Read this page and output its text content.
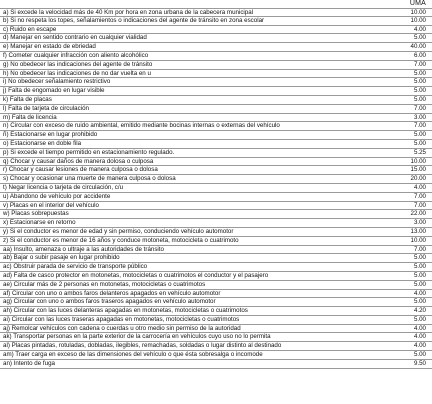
UMA
a) Si excede la velocidad más de 40 Km por hora en zona urbana de la cabecera municipal	10.00
b) Si no respeta los topes, señalamientos o indicaciones del agente de tránsito en zona escolar	10.00
c) Ruido en escape	4.00
d) Manejar en sentido contrario en cualquier vialidad	5.00
e) Manejar en estado de ebriedad	40.00
f) Cometer cualquier infracción con aliento alcohólico	6.00
g) No obedecer las indicaciones del agente de tránsito	7.00
h) No obedecer las indicaciones de no dar vuelta en u	5.00
i) No obedecer señalamiento restrictivo	5.00
j) Falta de engomado en lugar visible	5.00
k) Falta de placas	5.00
l) Falta de tarjeta de circulación	7.00
m) Falta de licencia	3.00
n) Circular con exceso de ruido ambiental, emitido mediante bocinas internas o externas del vehículo	7.00
ñ) Estacionarse en lugar prohibido	5.00
o) Estacionarse en doble fila	5.00
p) Si excede el tiempo permitido en estacionamiento regulado.	5.25
q) Chocar y causar daños de manera dolosa o culposa	10.00
r) Chocar y causar lesiones de manera culposa o dolosa	15.00
s) Chocar y ocasionar una muerte de manera culposa o dolosa	20.00
t) Negar licencia o tarjeta de circulación, c/u	4.00
u) Abandono de vehículo por accidente	7.00
v) Placas en el interior del vehículo	7.00
w) Placas sobrepuestas	22.00
x) Estacionarse en retorno	3.00
y) Si el conductor es menor de edad y sin permiso, conduciendo vehículo automotor	13.00
z) Si el conductor es menor de 16 años y conduce motoneta, motocicleta o cuatrimoto	10.00
aa) Insulto, amenaza o ultraje a las autoridades de tránsito	7.00
ab) Bajar o subir pasaje en lugar prohibido	5.00
ac) Obstruir parada de servicio de transporte público	5.00
ad) Falta de casco protector en motonetas, motocicletas o cuatrimotos el conductor y el pasajero	5.00
ae) Circular más de 2 personas en motonetas, motocicletas o cuatrimotos	5.00
af) Circular con uno o ambos faros delanteros apagados en vehículo automotor	4.00
ag) Circular con uno o ambos faros traseros apagados en vehículo automotor	5.00
ah) Circular con las luces delanteras apagadas en motonetas, motocicletas o cuatrimotos	4.20
ai) Circular con las luces traseras apagadas en motonetas, motocicletas o cuatrimotos	5.00
aj) Remolcar vehículos con cadena o cuerdas u otro medio sin permiso de la autoridad	4.00
ak) Transportar personas en la parte exterior de la carrocería en vehículos cuyo uso no lo permita	4.00
al) Placas pintadas, rotuladas, dobladas, ilegibles, remachadas, soldadas o lugar distinto al destinado	4.00
am) Traer carga en exceso de las dimensiones del vehículo o que ésta sobresalga o incomode	5.00
an) Intento de fuga	9.50
